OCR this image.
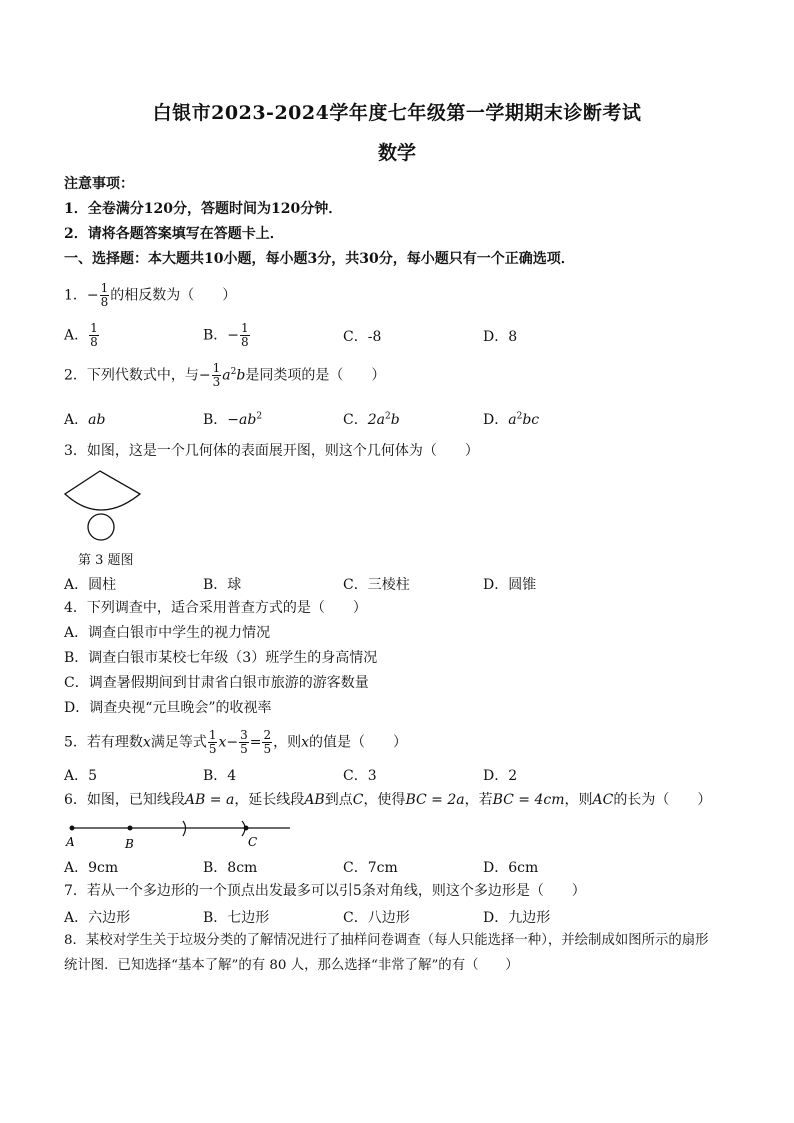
白银市2023-2024学年度七年级第一学期期末诊断考试
数学
注意事项：
1．全卷满分120分，答题时间为120分钟．
2．请将各题答案填写在答题卡上．
一、选择题：本大题共10小题，每小题3分，共30分，每小题只有一个正确选项．
1．− $\frac{1}{8}$ 的相反数为（　　）
A． $\frac{1}{8}$	B．− $\frac{1}{8}$	C．-8	D．8
2．下列代数式中，与− $\frac{1}{3} a^2b$是同类项的是（　　）
A．ab	B．$-ab^2$	C．$2a^2b$	D．$a^2bc$
3．如图，这是一个几何体的表面展开图，则这个几何体为（　　）
第 3 题图
A．圆柱	B．球	C．三棱柱	D．圆锥
4．下列调查中，适合采用普查方式的是（　　）
A．调查白银市中学生的视力情况
B．调查白银市某校七年级（3）班学生的身高情况
C．调查暑假期间到甘肃省白银市旅游的游客数量
D．调查央视“元旦晚会”的收视率
5．若有理数x满足等式 $\frac{1}{5} x- \frac{3}{5} = \frac{2}{5}$ ，则x的值是（　　）
A．5	B．4	C．3	D．2
6．如图，已知线段AB = a，延长线段AB到点C，使得BC = 2a，若BC = 4cm，则AC的长为（　　）
A	B	C
A．9cm	B．8cm	C．7cm	D．6cm
7．若从一个多边形的一个顶点出发最多可以引5条对角线，则这个多边形是（　　）
A．六边形	B．七边形	C．八边形	D．九边形
8．某校对学生关于垃圾分类的了解情况进行了抽样问卷调查（每人只能选择一种），并绘制成如图所示的扇形
统计图．已知选择“基本了解”的有 80 人，那么选择“非常了解”的有（　　）
